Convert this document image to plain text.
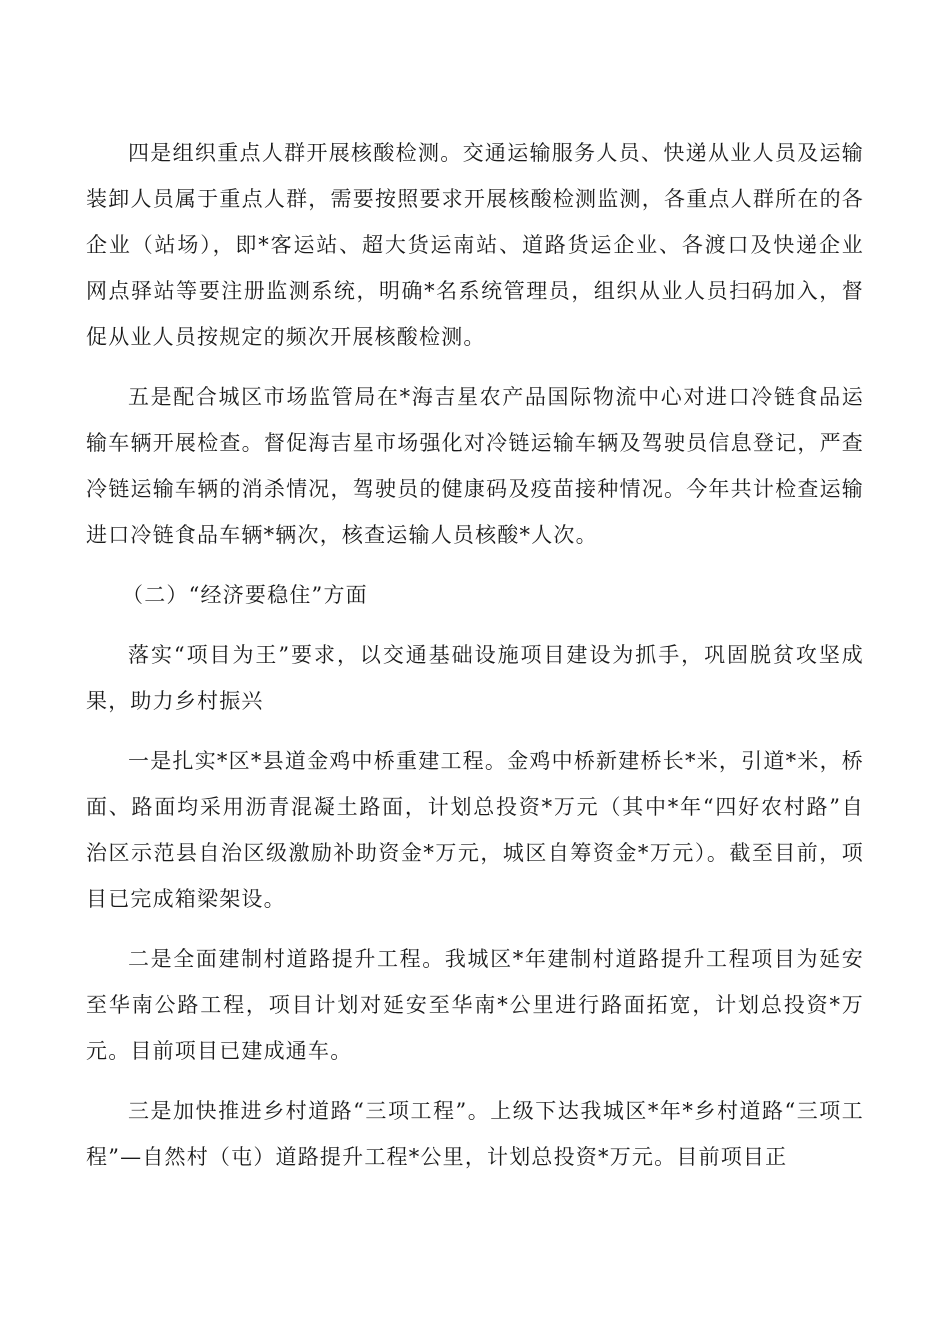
四是组织重点人群开展核酸检测。交通运输服务人员、快递从业人员及运输装卸人员属于重点人群，需要按照要求开展核酸检测监测，各重点人群所在的各企业（站场），即*客运站、超大货运南站、道路货运企业、各渡口及快递企业网点驿站等要注册监测系统，明确*名系统管理员，组织从业人员扫码加入，督促从业人员按规定的频次开展核酸检测。

五是配合城区市场监管局在*海吉星农产品国际物流中心对进口冷链食品运输车辆开展检查。督促海吉星市场强化对冷链运输车辆及驾驶员信息登记，严查冷链运输车辆的消杀情况，驾驶员的健康码及疫苗接种情况。今年共计检查运输进口冷链食品车辆*辆次，核查运输人员核酸*人次。

（二）“经济要稳住”方面

落实“项目为王”要求，以交通基础设施项目建设为抓手，巩固脱贫攻坚成果，助力乡村振兴

一是扎实*区*县道金鸡中桥重建工程。金鸡中桥新建桥长*米，引道*米，桥面、路面均采用沥青混凝土路面，计划总投资*万元（其中*年“四好农村路”自治区示范县自治区级激励补助资金*万元，城区自筹资金*万元）。截至目前，项目已完成箱梁架设。

二是全面建制村道路提升工程。我城区*年建制村道路提升工程项目为延安至华南公路工程，项目计划对延安至华南*公里进行路面拓宽，计划总投资*万元。目前项目已建成通车。

三是加快推进乡村道路“三项工程”。上级下达我城区*年*乡村道路“三项工程”—自然村（屯）道路提升工程*公里，计划总投资*万元。目前项目正
